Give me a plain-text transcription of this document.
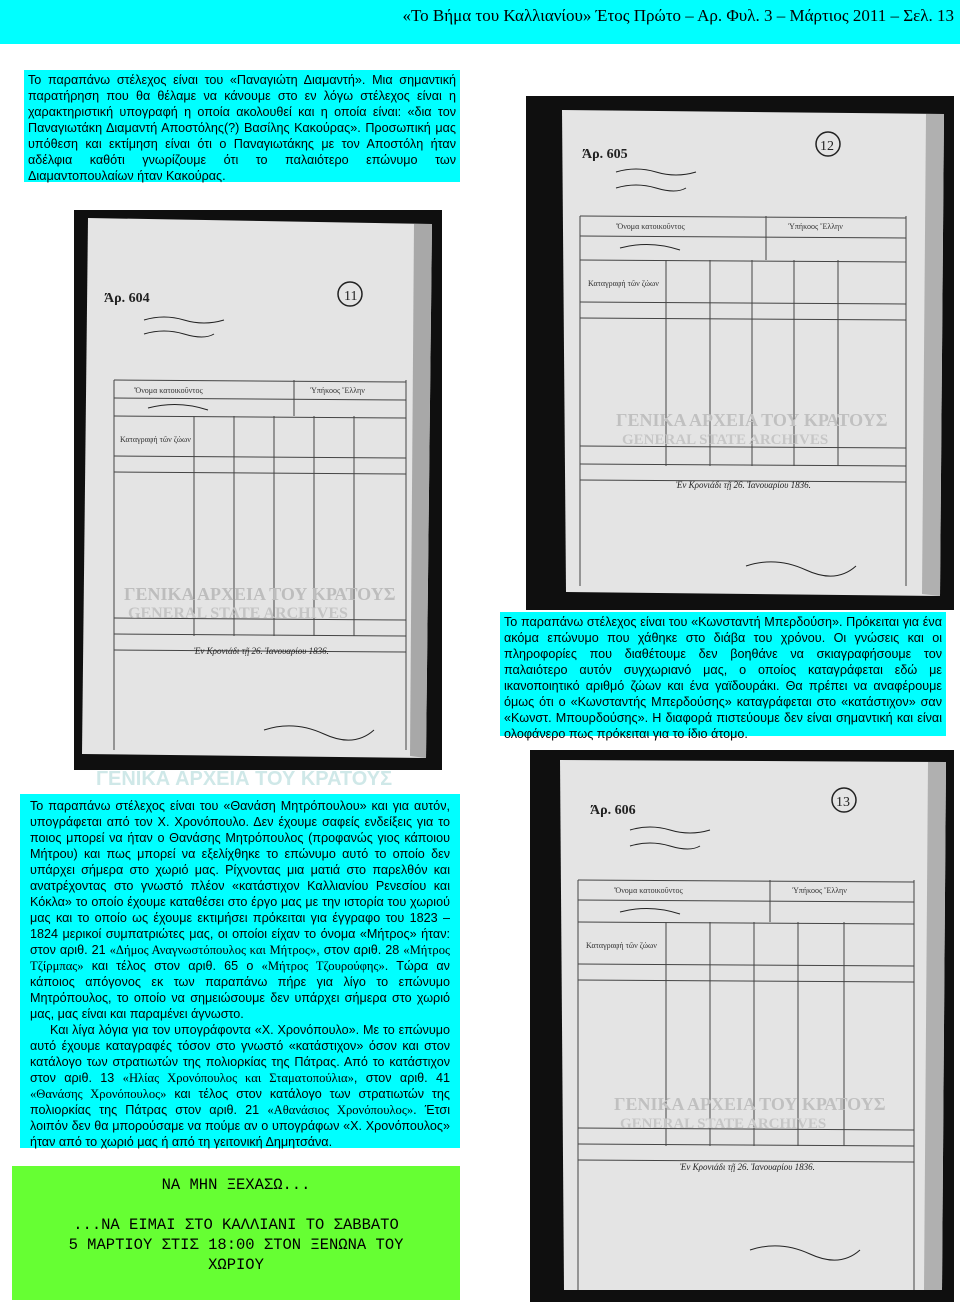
«Το Βήμα του Καλλιανίου» Έτος Πρώτο – Αρ. Φυλ. 3 – Μάρτιος 2011 – Σελ. 13

Το παραπάνω στέλεχος είναι του «Παναγιώτη Διαμαντή». Μια σημαντική παρατήρηση που θα θέλαμε να κάνουμε στο εν λόγω στέλεχος είναι η χαρακτηριστική υπογραφή η οποία ακολουθεί και η οποία είναι: «δια τον Παναγιωτάκη Διαμαντή Αποστόλης(?) Βασίλης Κακούρας». Προσωπική μας υπόθεση και εκτίμηση είναι ότι ο Παναγιωτάκης με τον Αποστόλη ήταν αδέλφια καθότι γνωρίζουμε ότι το παλαιότερο επώνυμο των Διαμαντοπουλαίων ήταν Κακούρας.

Άρ. 604	11
Ὄνομα κατοικοῦντος	Ὑπήκοος Ἕλλην
Καταγραφή τῶν ζώων
ΓΕΝΙΚΑ ΑΡΧΕΙΑ ΤΟΥ ΚΡΑΤΟΥΣ
GENERAL STATE ARCHIVES
Ἐν Κρονιάδι τῇ 26. Ἰανουαρίου 1836.
Άρ. 605
12
Ὄνομα κατοικοῦντος	Ὑπήκοος Ἕλλην
Καταγραφή τῶν ζώων
ΓΕΝΙΚΑ ΑΡΧΕΙΑ ΤΟΥ ΚΡΑΤΟΥΣ
GENERAL STATE ARCHIVES
Ἐν Κρονιάδι τῇ 26. Ἰανουαρίου 1836.

Το παραπάνω στέλεχος είναι του «Κωνσταντή Μπερδούση». Πρόκειται για ένα ακόμα επώνυμο που χάθηκε στο διάβα του χρόνου. Οι γνώσεις και οι πληροφορίες που διαθέτουμε δεν βοηθάνε να σκιαγραφήσουμε τον παλαιότερο αυτόν συγχωριανό μας, ο οποίος καταγράφεται εδώ με ικανοποιητικό αριθμό ζώων και ένα γαϊδουράκι. Θα πρέπει να αναφέρουμε όμως ότι ο «Κωνσταντής Μπερδούσης» καταγράφεται στο «κατάστιχον» σαν «Κωνστ. Μπουρδούσης». Η διαφορά πιστεύουμε δεν είναι σημαντική και είναι ολοφάνερο πως πρόκειται για το ίδιο άτομο.

Άρ. 606
13
Ὄνομα κατοικοῦντος	Ὑπήκοος Ἕλλην
Καταγραφή τῶν ζώων
ΓΕΝΙΚΑ ΑΡΧΕΙΑ ΤΟΥ ΚΡΑΤΟΥΣ
GENERAL STATE ARCHIVES
Ἐν Κρονιάδι τῇ 26. Ἰανουαρίου 1836.
ΓΕΝΙΚΑ ΑΡΧΕΙΑ ΤΟΥ ΚΡΑΤΟΥΣ

Το παραπάνω στέλεχος είναι του «Θανάση Μητρόπουλου» και για αυτόν, υπογράφεται από τον Χ. Χρονόπουλο. Δεν έχουμε σαφείς ενδείξεις για το ποιος μπορεί να ήταν ο Θανάσης Μητρόπουλος (προφανώς γιος κάποιου Μήτρου) και πως μπορεί να εξελίχθηκε το επώνυμο αυτό το οποίο δεν υπάρχει σήμερα στο χωριό μας. Ρίχνοντας μια ματιά στο παρελθόν και ανατρέχοντας στο γνωστό πλέον «κατάστιχον Καλλιανίου Ρενεσίου και Κόκλα» το οποίο έχουμε καταθέσει στο έργο μας με την ιστορία του χωριού μας και το οποίο ως έχουμε εκτιμήσει πρόκειται για έγγραφο του 1823 – 1824 μερικοί συμπατριώτες μας, οι οποίοι είχαν το όνομα «Μήτρος» ήταν: στον αριθ. 21 «Δήμος Αναγνωστόπουλος και Μήτρος», στον αριθ. 28 «Μήτρος Τζίρμπας» και τέλος στον αριθ. 65 ο «Μήτρος Τζουρούφης». Τώρα αν κάποιος απόγονος εκ των παραπάνω πήρε για λίγο το επώνυμο Μητρόπουλος, το οποίο να σημειώσουμε δεν υπάρχει σήμερα στο χωριό μας, μας είναι και παραμένει άγνωστο.

Και λίγα λόγια για τον υπογράφοντα «Χ. Χρονόπουλο». Με το επώνυμο αυτό έχουμε καταγραφές τόσον στο γνωστό «κατάστιχον» όσον και στον κατάλογο των στρατιωτών της πολιορκίας της Πάτρας. Από το κατάστιχον στον αριθ. 13 «Ηλίας Χρονόπουλος και Σταματοπούλια», στον αριθ. 41 «Θανάσης Χρονόπουλος» και τέλος στον κατάλογο των στρατιωτών της πολιορκίας της Πάτρας στον αριθ. 21 «Αθανάσιος Χρονόπουλος». Έτσι λοιπόν δεν θα μπορούσαμε να πούμε αν ο υπογράφων «Χ. Χρονόπουλος» ήταν από το χωριό μας ή από τη γειτονική Δημητσάνα.

ΝΑ ΜΗΝ ΞΕΧΑΣΩ...
...ΝΑ ΕΙΜΑΙ ΣΤΟ ΚΑΛΛΙΑΝΙ ΤΟ ΣΑΒΒΑΤΟ
5 ΜΑΡΤΙΟΥ ΣΤΙΣ 18:00 ΣΤΟΝ ΞΕΝΩΝΑ ΤΟΥ
ΧΩΡΙΟΥ
